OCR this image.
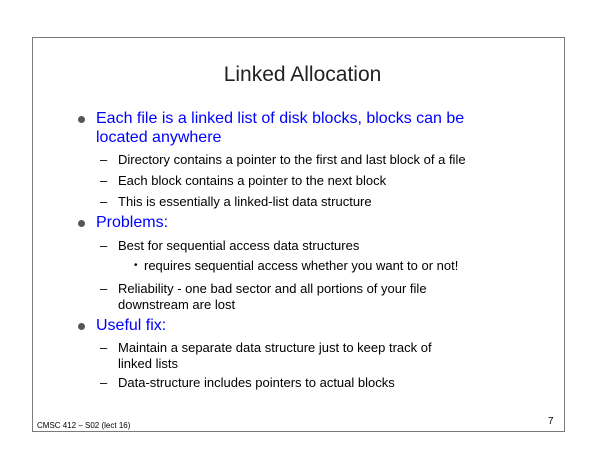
Linked Allocation
Each file is a linked list of disk blocks, blocks can be
located anywhere
– Directory contains a pointer to the first and last block of a file
– Each block contains a pointer to the next block
– This is essentially a linked-list data structure
Problems:
– Best for sequential access data structures
• requires sequential access whether you want to or not!
– Reliability - one bad sector and all portions of your file
downstream are lost
Useful fix:
– Maintain a separate data structure just to keep track of
linked lists
– Data-structure includes pointers to actual blocks
CMSC 412 – S02 (lect 16)	7
